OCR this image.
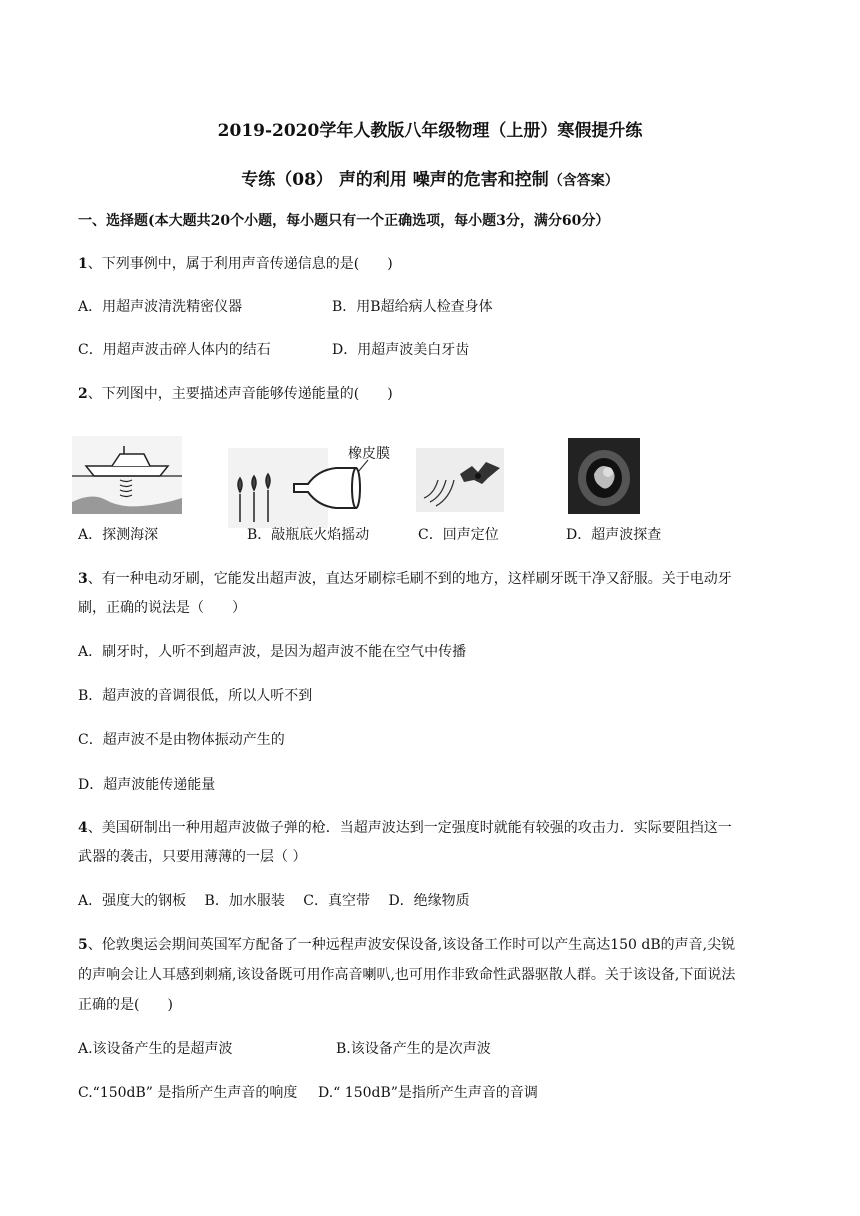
2019-2020学年人教版八年级物理（上册）寒假提升练
专练（08） 声的利用 噪声的危害和控制（含答案）
一、选择题(本大题共20个小题，每小题只有一个正确选项，每小题3分，满分60分）
1、下列事例中，属于利用声音传递信息的是(　　)
A．用超声波清洗精密仪器	B．用B超给病人检查身体
C．用超声波击碎人体内的结石	D．用超声波美白牙齿
2、下列图中，主要描述声音能够传递能量的(　　)
橡皮膜
A．探测海深	B．敲瓶底火焰摇动	C．回声定位	D．超声波探查
3、有一种电动牙刷，它能发出超声波，直达牙刷棕毛刷不到的地方，这样刷牙既干净又舒服。关于电动牙
刷，正确的说法是（　　）
A．刷牙时，人听不到超声波，是因为超声波不能在空气中传播
B．超声波的音调很低，所以人听不到
C．超声波不是由物体振动产生的
D．超声波能传递能量
4、美国研制出一种用超声波做子弹的枪．当超声波达到一定强度时就能有较强的攻击力．实际要阻挡这一
武器的袭击，只要用薄薄的一层（ ）
A．强度大的钢板　 B．加水服装　 C．真空带　 D．绝缘物质
5、伦敦奥运会期间英国军方配备了一种远程声波安保设备,该设备工作时可以产生高达150 dB的声音,尖锐
的声响会让人耳感到刺痛,该设备既可用作高音喇叭,也可用作非致命性武器驱散人群。关于该设备,下面说法
正确的是(　　)
A.该设备产生的是超声波	B.该设备产生的是次声波
C.“150dB” 是指所产生声音的响度 D.“ 150dB”是指所产生声音的音调
